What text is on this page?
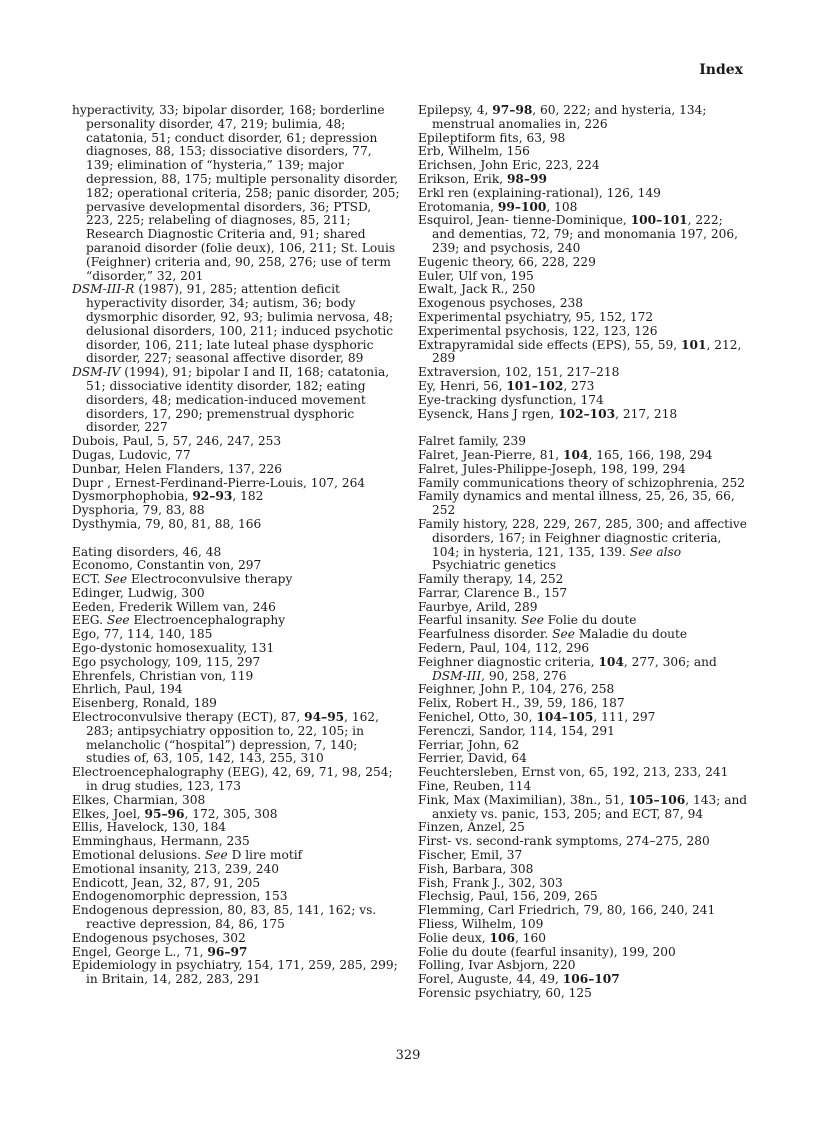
Index

hyperactivity, 33; bipolar disorder, 168; borderline personality disorder, 47, 219; bulimia, 48; catatonia, 51; conduct disorder, 61; depression diagnoses, 88, 153; dissociative disorders, 77, 139; elimination of “hysteria,” 139; major depression, 88, 175; multiple personality disorder, 182; operational criteria, 258; panic disorder, 205; pervasive developmental disorders, 36; PTSD, 223, 225; relabeling of diagnoses, 85, 211; Research Diagnostic Criteria and, 91; shared paranoid disorder (folie deux), 106, 211; St. Louis (Feighner) criteria and, 90, 258, 276; use of term “disorder,” 32, 201

DSM-III-R (1987), 91, 285; attention deficit hyperactivity disorder, 34; autism, 36; body dysmorphic disorder, 92, 93; bulimia nervosa, 48; delusional disorders, 100, 211; induced psychotic disorder, 106, 211; late luteal phase dysphoric disorder, 227; seasonal affective disorder, 89

DSM-IV (1994), 91; bipolar I and II, 168; catatonia, 51; dissociative identity disorder, 182; eating disorders, 48; medication-induced movement disorders, 17, 290; premenstrual dysphoric disorder, 227

Dubois, Paul, 5, 57, 246, 247, 253

Dugas, Ludovic, 77

Dunbar, Helen Flanders, 137, 226

Dupr , Ernest-Ferdinand-Pierre-Louis, 107, 264

Dysmorphophobia, 92–93, 182

Dysphoria, 79, 83, 88

Dysthymia, 79, 80, 81, 88, 166

Eating disorders, 46, 48

Economo, Constantin von, 297

ECT. See Electroconvulsive therapy

Edinger, Ludwig, 300

Eeden, Frederik Willem van, 246

EEG. See Electroencephalography

Ego, 77, 114, 140, 185

Ego-dystonic homosexuality, 131

Ego psychology, 109, 115, 297

Ehrenfels, Christian von, 119

Ehrlich, Paul, 194

Eisenberg, Ronald, 189

Electroconvulsive therapy (ECT), 87, 94–95, 162, 283; antipsychiatry opposition to, 22, 105; in melancholic (“hospital”) depression, 7, 140; studies of, 63, 105, 142, 143, 255, 310

Electroencephalography (EEG), 42, 69, 71, 98, 254; in drug studies, 123, 173

Elkes, Charmian, 308

Elkes, Joel, 95–96, 172, 305, 308

Ellis, Havelock, 130, 184

Emminghaus, Hermann, 235

Emotional delusions. See D lire motif

Emotional insanity, 213, 239, 240

Endicott, Jean, 32, 87, 91, 205

Endogenomorphic depression, 153

Endogenous depression, 80, 83, 85, 141, 162; vs. reactive depression, 84, 86, 175

Endogenous psychoses, 302

Engel, George L., 71, 96–97

Epidemiology in psychiatry, 154, 171, 259, 285, 299; in Britain, 14, 282, 283, 291

Epilepsy, 4, 97–98, 60, 222; and hysteria, 134; menstrual anomalies in, 226

Epileptiform fits, 63, 98

Erb, Wilhelm, 156

Erichsen, John Eric, 223, 224

Erikson, Erik, 98–99

Erkl ren (explaining-rational), 126, 149

Erotomania, 99–100, 108

Esquirol, Jean- tienne-Dominique, 100–101, 222; and dementias, 72, 79; and monomania 197, 206, 239; and psychosis, 240

Eugenic theory, 66, 228, 229

Euler, Ulf von, 195

Ewalt, Jack R., 250

Exogenous psychoses, 238

Experimental psychiatry, 95, 152, 172

Experimental psychosis, 122, 123, 126

Extrapyramidal side effects (EPS), 55, 59, 101, 212, 289

Extraversion, 102, 151, 217–218

Ey, Henri, 56, 101–102, 273

Eye-tracking dysfunction, 174

Eysenck, Hans J rgen, 102–103, 217, 218

Falret family, 239

Falret, Jean-Pierre, 81, 104, 165, 166, 198, 294

Falret, Jules-Philippe-Joseph, 198, 199, 294

Family communications theory of schizophrenia, 252

Family dynamics and mental illness, 25, 26, 35, 66, 252

Family history, 228, 229, 267, 285, 300; and affective disorders, 167; in Feighner diagnostic criteria, 104; in hysteria, 121, 135, 139. See also Psychiatric genetics

Family therapy, 14, 252

Farrar, Clarence B., 157

Faurbye, Arild, 289

Fearful insanity. See Folie du doute

Fearfulness disorder. See Maladie du doute

Federn, Paul, 104, 112, 296

Feighner diagnostic criteria, 104, 277, 306; and DSM-III, 90, 258, 276

Feighner, John P., 104, 276, 258

Felix, Robert H., 39, 59, 186, 187

Fenichel, Otto, 30, 104–105, 111, 297

Ferenczi, Sandor, 114, 154, 291

Ferriar, John, 62

Ferrier, David, 64

Feuchtersleben, Ernst von, 65, 192, 213, 233, 241

Fine, Reuben, 114

Fink, Max (Maximilian), 38n., 51, 105–106, 143; and anxiety vs. panic, 153, 205; and ECT, 87, 94

Finzen, Anzel, 25

First- vs. second-rank symptoms, 274–275, 280

Fischer, Emil, 37

Fish, Barbara, 308

Fish, Frank J., 302, 303

Flechsig, Paul, 156, 209, 265

Flemming, Carl Friedrich, 79, 80, 166, 240, 241

Fliess, Wilhelm, 109

Folie deux, 106, 160

Folie du doute (fearful insanity), 199, 200

Folling, Ivar Asbjorn, 220

Forel, Auguste, 44, 49, 106–107

Forensic psychiatry, 60, 125

329
